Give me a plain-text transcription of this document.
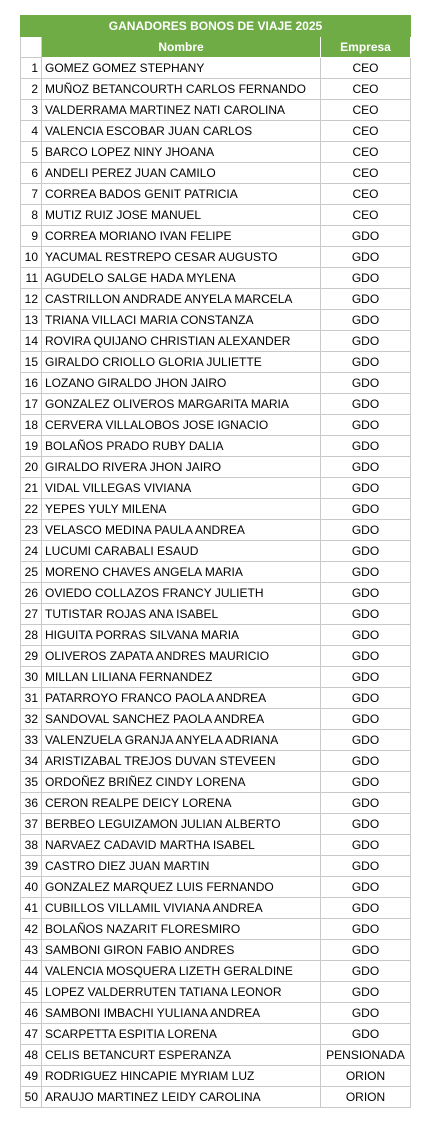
GANADORES BONOS DE VIAJE 2025		
	Nombre	Empresa
1	GOMEZ GOMEZ STEPHANY	CEO
2	MUÑOZ BETANCOURTH CARLOS FERNANDO	CEO
3	VALDERRAMA MARTINEZ NATI CAROLINA	CEO
4	VALENCIA ESCOBAR JUAN CARLOS	CEO
5	BARCO LOPEZ NINY JHOANA	CEO
6	ANDELI PEREZ JUAN CAMILO	CEO
7	CORREA BADOS GENIT PATRICIA	CEO
8	MUTIZ RUIZ JOSE MANUEL	CEO
9	CORREA MORIANO IVAN FELIPE	GDO
10	YACUMAL RESTREPO CESAR AUGUSTO	GDO
11	AGUDELO SALGE HADA MYLENA	GDO
12	CASTRILLON ANDRADE ANYELA MARCELA	GDO
13	TRIANA VILLACI MARIA CONSTANZA	GDO
14	ROVIRA QUIJANO CHRISTIAN ALEXANDER	GDO
15	GIRALDO CRIOLLO GLORIA JULIETTE	GDO
16	LOZANO GIRALDO JHON JAIRO	GDO
17	GONZALEZ OLIVEROS MARGARITA MARIA	GDO
18	CERVERA VILLALOBOS JOSE IGNACIO	GDO
19	BOLAÑOS PRADO RUBY DALIA	GDO
20	GIRALDO RIVERA JHON JAIRO	GDO
21	VIDAL VILLEGAS VIVIANA	GDO
22	YEPES YULY MILENA	GDO
23	VELASCO MEDINA PAULA ANDREA	GDO
24	LUCUMI CARABALI ESAUD	GDO
25	MORENO CHAVES ANGELA MARIA	GDO
26	OVIEDO COLLAZOS FRANCY JULIETH	GDO
27	TUTISTAR ROJAS ANA ISABEL	GDO
28	HIGUITA PORRAS SILVANA MARIA	GDO
29	OLIVEROS ZAPATA ANDRES MAURICIO	GDO
30	MILLAN LILIANA FERNANDEZ	GDO
31	PATARROYO FRANCO PAOLA ANDREA	GDO
32	SANDOVAL SANCHEZ PAOLA ANDREA	GDO
33	VALENZUELA GRANJA ANYELA ADRIANA	GDO
34	ARISTIZABAL TREJOS DUVAN STEVEEN	GDO
35	ORDOÑEZ BRIÑEZ CINDY LORENA	GDO
36	CERON REALPE DEICY LORENA	GDO
37	BERBEO LEGUIZAMON JULIAN ALBERTO	GDO
38	NARVAEZ CADAVID MARTHA ISABEL	GDO
39	CASTRO DIEZ JUAN MARTIN	GDO
40	GONZALEZ MARQUEZ LUIS FERNANDO	GDO
41	CUBILLOS VILLAMIL VIVIANA ANDREA	GDO
42	BOLAÑOS NAZARIT FLORESMIRO	GDO
43	SAMBONI GIRON FABIO ANDRES	GDO
44	VALENCIA MOSQUERA LIZETH GERALDINE	GDO
45	LOPEZ VALDERRUTEN TATIANA LEONOR	GDO
46	SAMBONI IMBACHI YULIANA ANDREA	GDO
47	SCARPETTA ESPITIA LORENA	GDO
48	CELIS BETANCURT ESPERANZA	PENSIONADA
49	RODRIGUEZ HINCAPIE MYRIAM LUZ	ORION
50	ARAUJO MARTINEZ LEIDY CAROLINA	ORION
